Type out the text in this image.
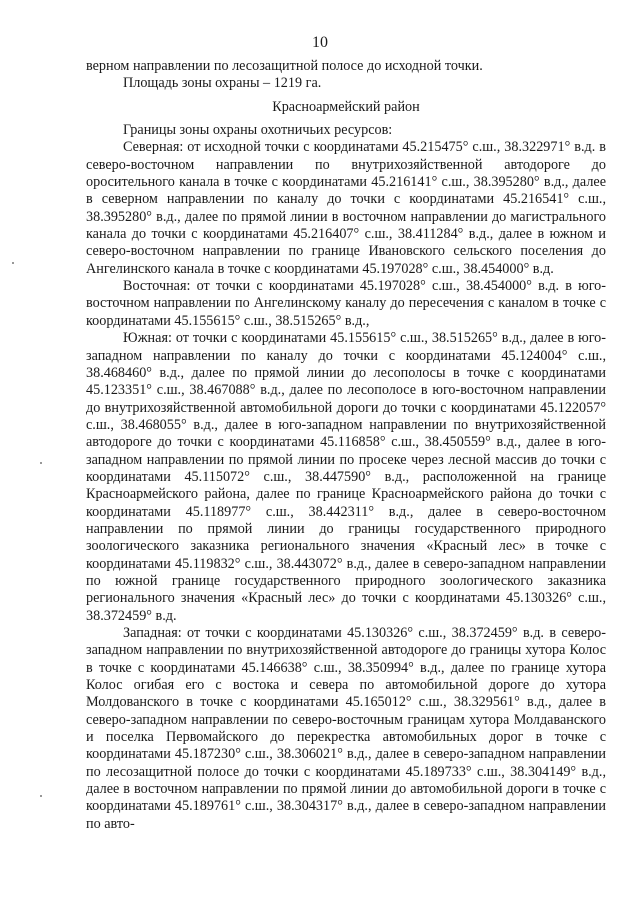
10

верном направлении по лесозащитной полосе до исходной точки.

Площадь зоны охраны – 1219 га.

Красноармейский район

Границы зоны охраны охотничьих ресурсов:

Северная: от исходной точки с координатами 45.215475° с.ш., 38.322971° в.д. в северо-восточном направлении по внутрихозяйственной автодороге до оросительного канала в точке с координатами 45.216141° с.ш., 38.395280° в.д., далее в северном направлении по каналу до точки с координатами 45.216541° с.ш., 38.395280° в.д., далее по прямой линии в восточном направлении до магистрального канала до точки с координатами 45.216407° с.ш., 38.411284° в.д., далее в южном и северо-восточном направлении по границе Ивановского сельского поселения до Ангелинского канала в точке с координатами 45.197028° с.ш., 38.454000° в.д.

Восточная: от точки с координатами 45.197028° с.ш., 38.454000° в.д. в юго-восточном направлении по Ангелинскому каналу до пересечения с каналом в точке с координатами 45.155615° с.ш., 38.515265° в.д.,

Южная: от точки с координатами 45.155615° с.ш., 38.515265° в.д., далее в юго-западном направлении по каналу до точки с координатами 45.124004° с.ш., 38.468460° в.д., далее по прямой линии до лесополосы в точке с координатами 45.123351° с.ш., 38.467088° в.д., далее по лесополосе в юго-восточном направлении до внутрихозяйственной автомобильной дороги до точки с координатами 45.122057° с.ш., 38.468055° в.д., далее в юго-западном направлении по внутрихозяйственной автодороге до точки с координатами 45.116858° с.ш., 38.450559° в.д., далее в юго-западном направлении по прямой линии по просеке через лесной массив до точки с координатами 45.115072° с.ш., 38.447590° в.д., расположенной на границе Красноармейского района, далее по границе Красноармейского района до точки с координатами 45.118977° с.ш., 38.442311° в.д., далее в северо-восточном направлении по прямой линии до границы государственного природного зоологического заказника регионального значения «Красный лес» в точке с координатами 45.119832° с.ш., 38.443072° в.д., далее в северо-западном направлении по южной границе государственного природного зоологического заказника регионального значения «Красный лес» до точки с координатами 45.130326° с.ш., 38.372459° в.д.

Западная: от точки с координатами 45.130326° с.ш., 38.372459° в.д. в северо-западном направлении по внутрихозяйственной автодороге до границы хутора Колос в точке с координатами 45.146638° с.ш., 38.350994° в.д., далее по границе хутора Колос огибая его с востока и севера по автомобильной дороге до хутора Молдованского в точке с координатами 45.165012° с.ш., 38.329561° в.д., далее в северо-западном направлении по северо-восточным границам хутора Молдаванского и поселка Первомайского до перекрестка автомобильных дорог в точке с координатами 45.187230° с.ш., 38.306021° в.д., далее в северо-западном направлении по лесозащитной полосе до точки с координатами 45.189733° с.ш., 38.304149° в.д., далее в восточном направлении по прямой линии до автомобильной дороги в точке с координатами 45.189761° с.ш., 38.304317° в.д., далее в северо-западном направлении по авто-
